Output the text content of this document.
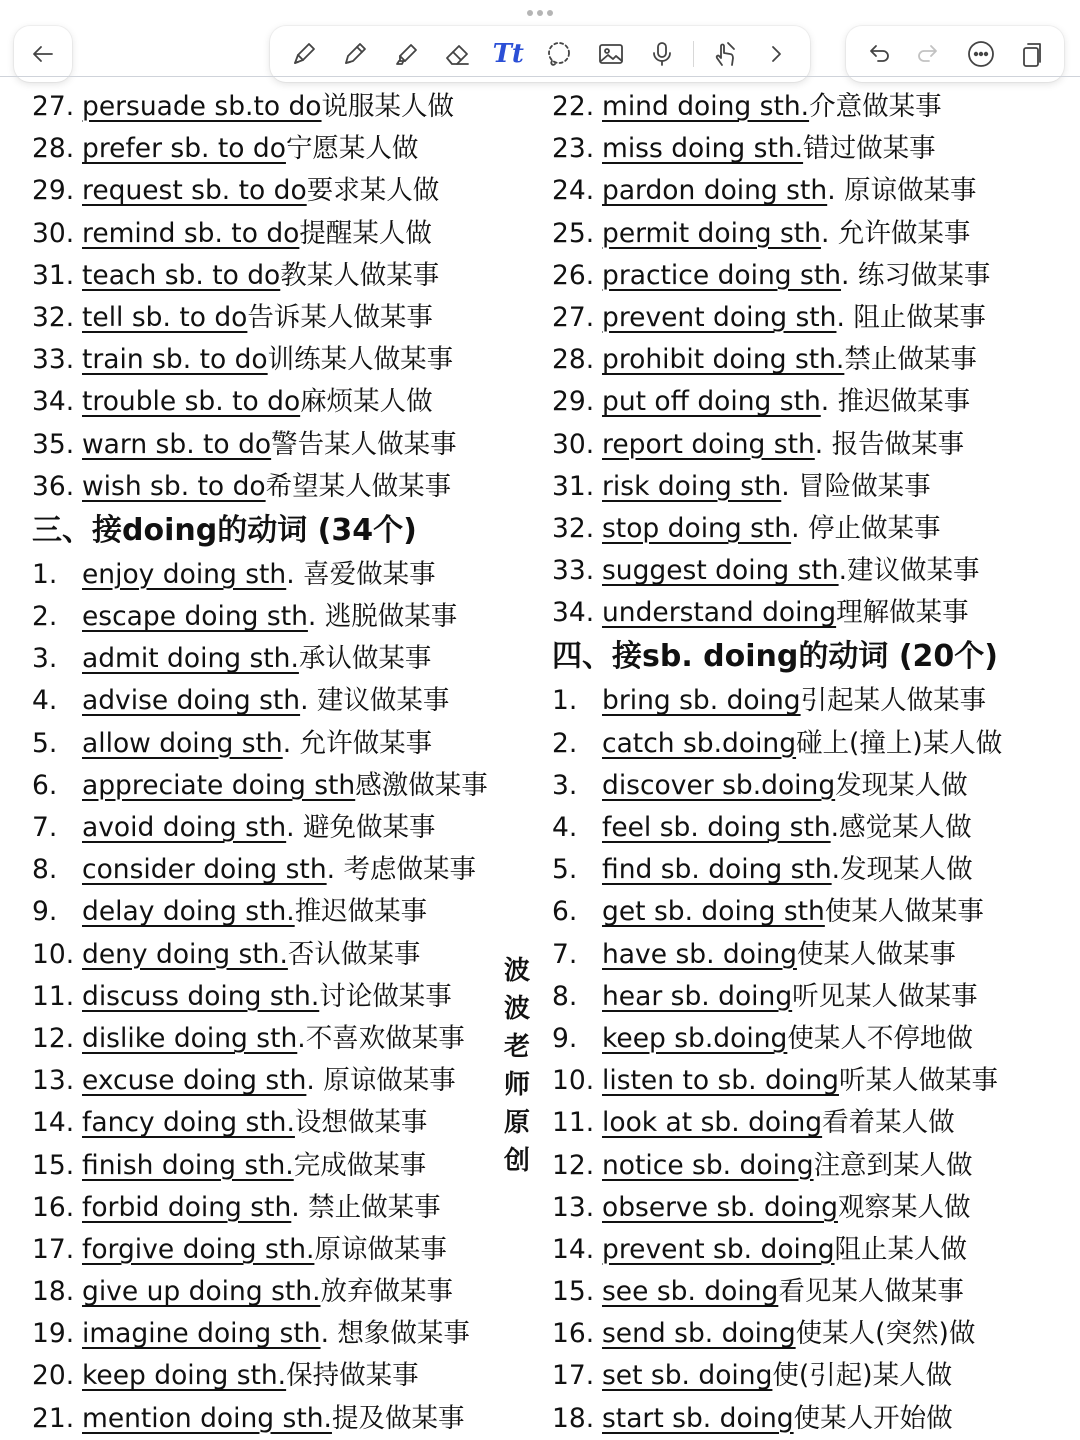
Tt
27. persuade sb.to do 说服某人做
28. prefer sb. to do 宁愿某人做
29. request sb. to do 要求某人做
30. remind sb. to do 提醒某人做
31. teach sb. to do 教某人做某事
32. tell sb. to do 告诉某人做某事
33. train sb. to do 训练某人做某事
34. trouble sb. to do 麻烦某人做
35. warn sb. to do 警告某人做某事
36. wish sb. to do 希望某人做某事
三、接doing的动词 (34个)
1. enjoy doing sth . 喜爱做某事
2. escape doing sth . 逃脱做某事
3. admit doing sth. 承认做某事
4. advise doing sth . 建议做某事
5. allow doing sth . 允许做某事
6. appreciate doing sth 感激做某事
7. avoid doing sth . 避免做某事
8. consider doing sth . 考虑做某事
9. delay doing sth. 推迟做某事
10. deny doing sth. 否认做某事
11. discuss doing sth. 讨论做某事
12. dislike doing sth .不喜欢做某事
13. excuse doing sth . 原谅做某事
14. fancy doing sth. 设想做某事
15. finish doing sth. 完成做某事
16. forbid doing sth . 禁止做某事
17. forgive doing sth. 原谅做某事
18. give up doing sth. 放弃做某事
19. imagine doing sth . 想象做某事
20. keep doing sth. 保持做某事
21. mention doing sth. 提及做某事
波
波
老
师
原
创
22. mind doing sth. 介意做某事
23. miss doing sth. 错过做某事
24. pardon doing sth . 原谅做某事
25. permit doing sth . 允许做某事
26. practice doing sth . 练习做某事
27. prevent doing sth . 阻止做某事
28. prohibit doing sth. 禁止做某事
29. put off doing sth . 推迟做某事
30. report doing sth . 报告做某事
31. risk doing sth . 冒险做某事
32. stop doing sth . 停止做某事
33. suggest doing sth .建议做某事
34. understand doing 理解做某事
四、接sb. doing的动词 (20个)
1. bring sb. doing 引起某人做某事
2. catch sb.doing 碰上(撞上)某人做
3. discover sb.doing 发现某人做
4. feel sb. doing sth .感觉某人做
5. find sb. doing sth .发现某人做
6. get sb. doing sth 使某人做某事
7. have sb. doing 使某人做某事
8. hear sb. doing 听见某人做某事
9. keep sb.doing 使某人不停地做
10. listen to sb. doing 听某人做某事
11. look at sb. doing 看着某人做
12. notice sb. doing 注意到某人做
13. observe sb. doing 观察某人做
14. prevent sb. doing 阻止某人做
15. see sb. doing 看见某人做某事
16. send sb. doing 使某人(突然)做
17. set sb. doing 使(引起)某人做
18. start sb. doing 使某人开始做
